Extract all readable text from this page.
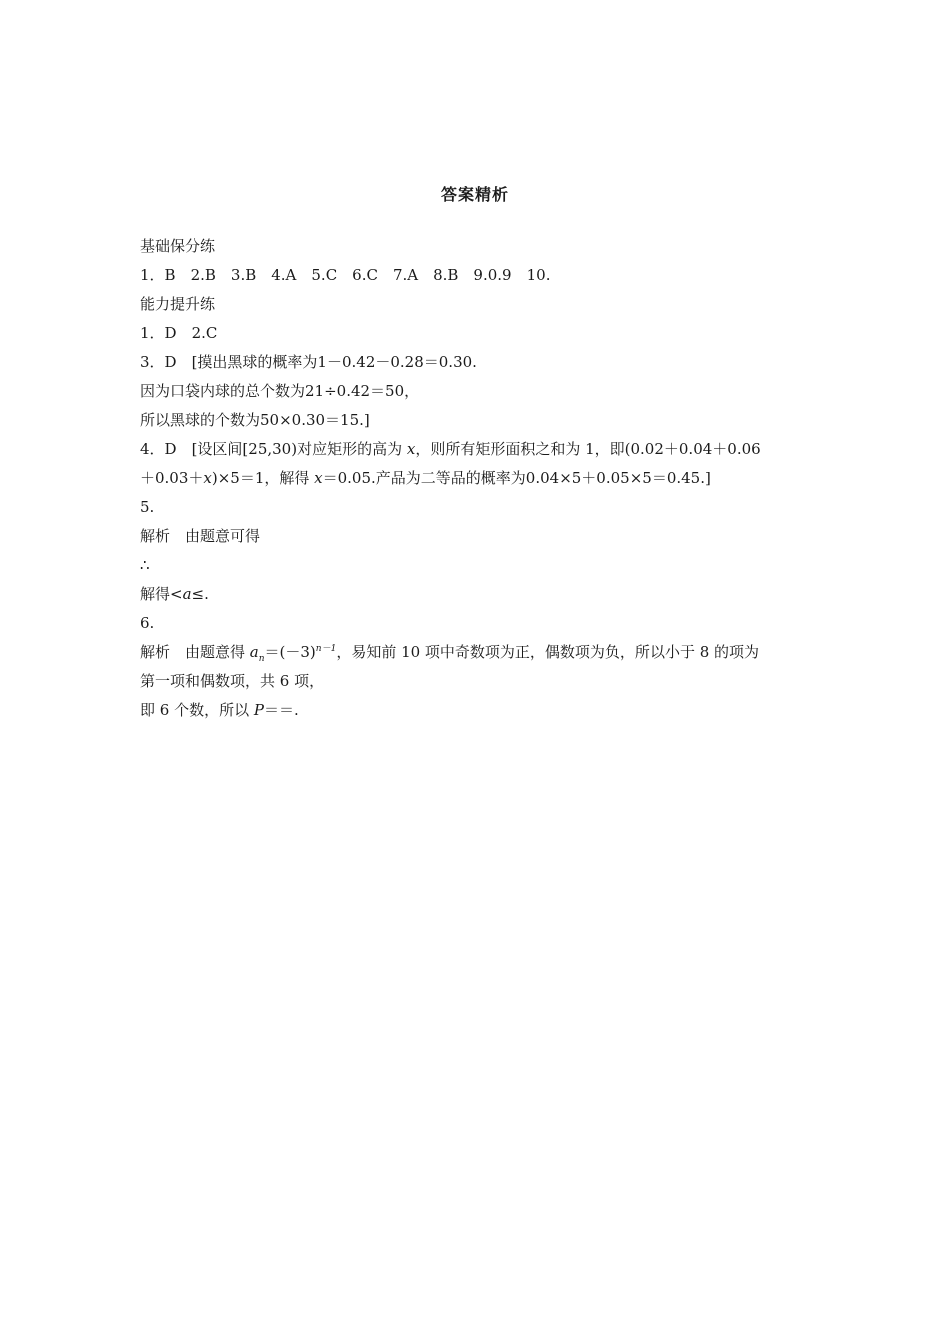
答案精析
基础保分练
1．B　2.B　3.B　4.A　5.C　6.C　7.A　8.B　9.0.9　10.
能力提升练
1．D　2.C
3．D　[摸出黑球的概率为1－0.42－0.28＝0.30.
因为口袋内球的总个数为21÷0.42＝50，
所以黑球的个数为50×0.30＝15.]
4．D　[设区间[25,30)对应矩形的高为 x，则所有矩形面积之和为 1，即(0.02＋0.04＋0.06
＋0.03＋x)×5＝1，解得 x＝0.05.产品为二等品的概率为0.04×5＋0.05×5＝0.45.]
5.
解析　由题意可得
∴
解得<a≤.
6.
解析　由题意得 $a_n=(-3)^{n-1}$，易知前 10 项中奇数项为正，偶数项为负，所以小于 8 的项为
第一项和偶数项，共 6 项，
即 6 个数，所以 P＝＝.
